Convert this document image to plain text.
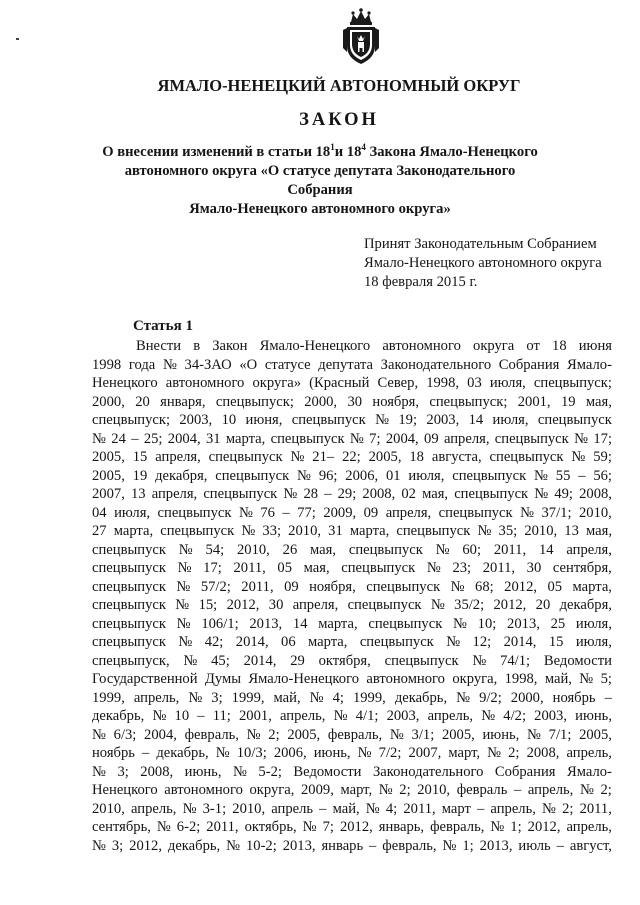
ЯМАЛО-НЕНЕЦКИЙ АВТОНОМНЫЙ ОКРУГ
ЗАКОН
О внесении изменений в статьи $18^1и$ $18^4$ Закона Ямало-Ненецкого
автономного округа «О статусе депутата Законодательного Собрания
Ямало-Ненецкого автономного округа»
Принят Законодательным Собранием
Ямало-Ненецкого автономного округа
18 февраля 2015 г.
Статья 1
Внести в Закон Ямало-Ненецкого автономного округа от 18 июня
1998 года № 34-ЗАО «О статусе депутата Законодательного Собрания Ямало-
Ненецкого автономного округа» (Красный Север, 1998, 03 июля, спецвыпуск;
2000, 20 января, спецвыпуск; 2000, 30 ноября, спецвыпуск; 2001, 19 мая,
спецвыпуск; 2003, 10 июня, спецвыпуск № 19; 2003, 14 июля, спецвыпуск
№ 24 – 25; 2004, 31 марта, спецвыпуск № 7; 2004, 09 апреля, спецвыпуск № 17;
2005, 15 апреля, спецвыпуск № 21– 22; 2005, 18 августа, спецвыпуск № 59;
2005, 19 декабря, спецвыпуск № 96; 2006, 01 июля, спецвыпуск № 55 – 56;
2007, 13 апреля, спецвыпуск № 28 – 29; 2008, 02 мая, спецвыпуск № 49; 2008,
04 июля, спецвыпуск № 76 – 77; 2009, 09 апреля, спецвыпуск № 37/1; 2010,
27 марта, спецвыпуск № 33; 2010, 31 марта, спецвыпуск № 35; 2010, 13 мая,
спецвыпуск № 54; 2010, 26 мая, спецвыпуск № 60; 2011, 14 апреля,
спецвыпуск № 17; 2011, 05 мая, спецвыпуск № 23; 2011, 30 сентября,
спецвыпуск № 57/2; 2011, 09 ноября, спецвыпуск № 68; 2012, 05 марта,
спецвыпуск № 15; 2012, 30 апреля, спецвыпуск № 35/2; 2012, 20 декабря,
спецвыпуск № 106/1; 2013, 14 марта, спецвыпуск № 10; 2013, 25 июля,
спецвыпуск № 42; 2014, 06 марта, спецвыпуск № 12; 2014, 15 июля,
спецвыпуск, № 45; 2014, 29 октября, спецвыпуск № 74/1; Ведомости
Государственной Думы Ямало-Ненецкого автономного округа, 1998, май, № 5;
1999, апрель, № 3; 1999, май, № 4; 1999, декабрь, № 9/2; 2000, ноябрь –
декабрь, № 10 – 11; 2001, апрель, № 4/1; 2003, апрель, № 4/2; 2003, июнь,
№ 6/3; 2004, февраль, № 2; 2005, февраль, № 3/1; 2005, июнь, № 7/1; 2005,
ноябрь – декабрь, № 10/3; 2006, июнь, № 7/2; 2007, март, № 2; 2008, апрель,
№ 3; 2008, июнь, № 5-2; Ведомости Законодательного Собрания Ямало-
Ненецкого автономного округа, 2009, март, № 2; 2010, февраль – апрель, № 2;
2010, апрель, № 3-1; 2010, апрель – май, № 4; 2011, март – апрель, № 2; 2011,
сентябрь, № 6-2; 2011, октябрь, № 7; 2012, январь, февраль, № 1; 2012, апрель,
№ 3; 2012, декабрь, № 10-2; 2013, январь – февраль, № 1; 2013, июль – август,
